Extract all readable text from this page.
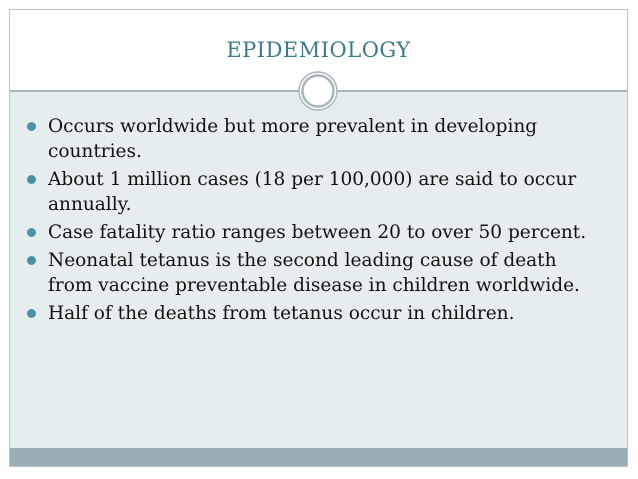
EPIDEMIOLOGY
Occurs worldwide but more prevalent in developing countries.
About 1 million cases (18 per 100,000) are said to occur annually.
Case fatality ratio ranges between 20 to over 50 percent.
Neonatal tetanus is the second leading cause of death from vaccine preventable disease in children worldwide.
Half of the deaths from tetanus occur in children.
